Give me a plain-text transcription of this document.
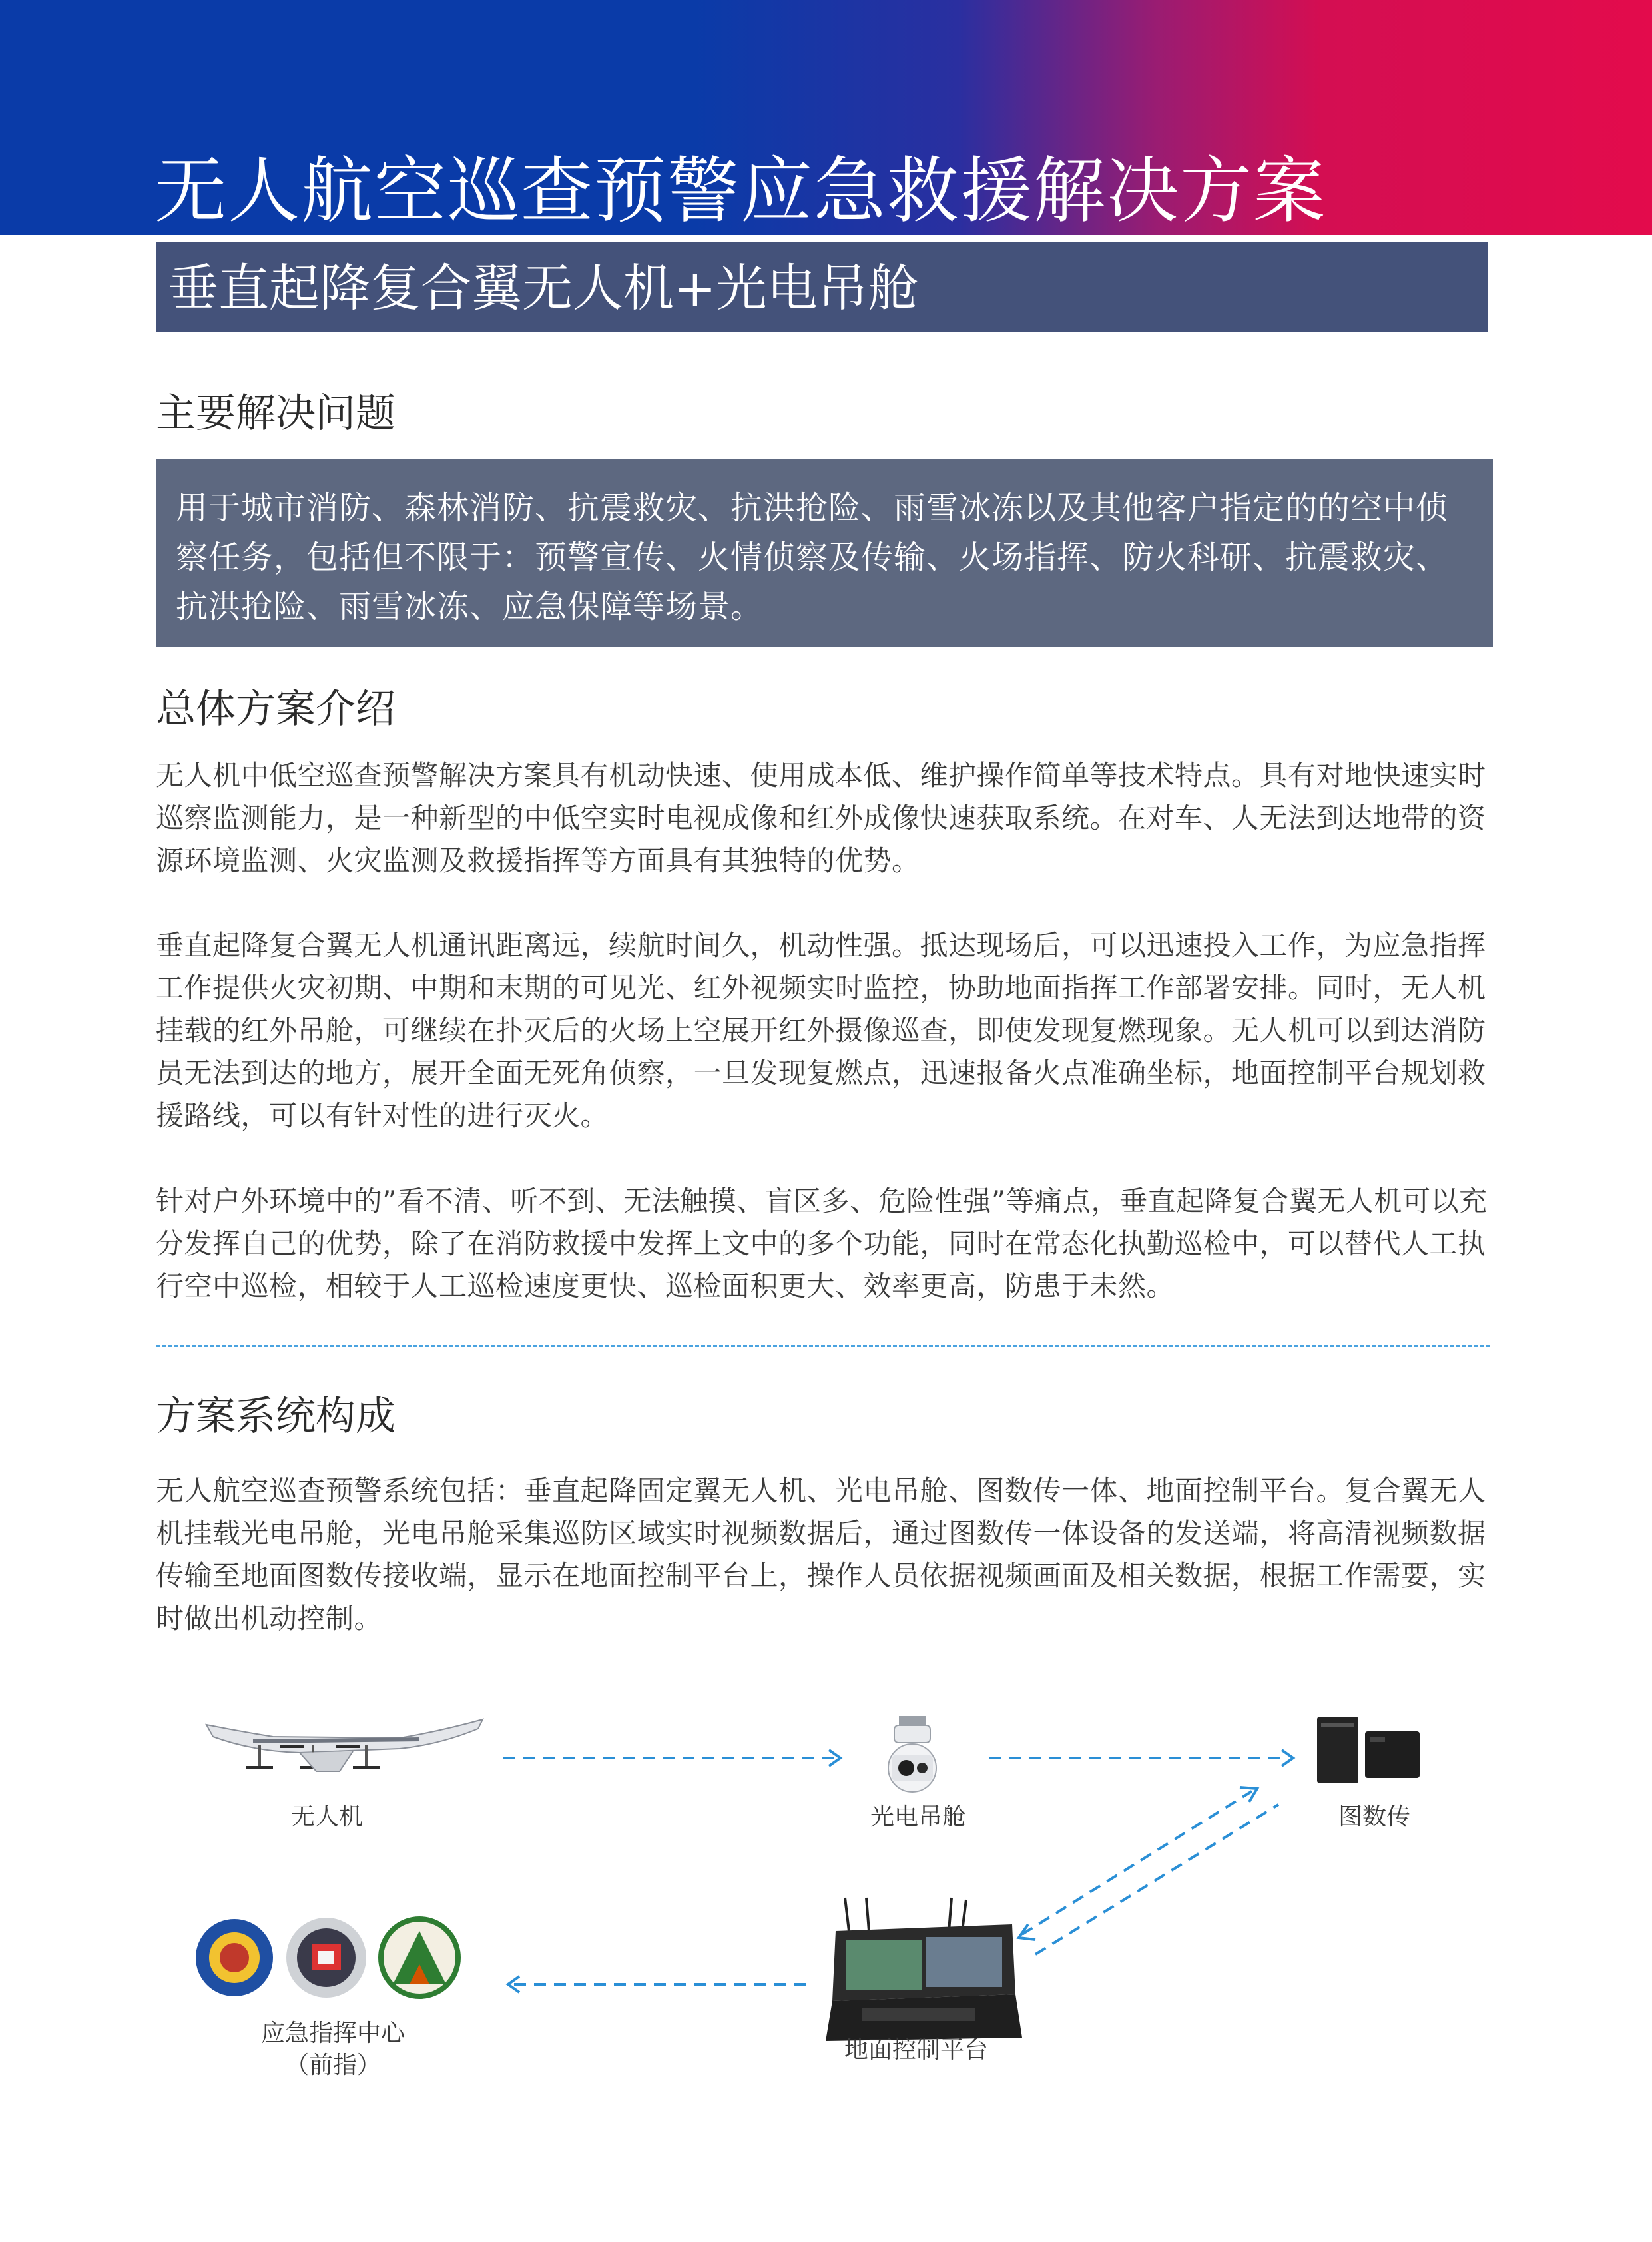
无人航空巡查预警应急救援解决方案
垂直起降复合翼无人机+光电吊舱
主要解决问题

用于城市消防、森林消防、抗震救灾、抗洪抢险、雨雪冰冻以及其他客户指定的的空中侦察任务，包括但不限于：预警宣传、火情侦察及传输、火场指挥、防火科研、抗震救灾、抗洪抢险、雨雪冰冻、应急保障等场景。

总体方案介绍

无人机中低空巡查预警解决方案具有机动快速、使用成本低、维护操作简单等技术特点。具有对地快速实时巡察监测能力，是一种新型的中低空实时电视成像和红外成像快速获取系统。在对车、人无法到达地带的资源环境监测、火灾监测及救援指挥等方面具有其独特的优势。

垂直起降复合翼无人机通讯距离远，续航时间久，机动性强。抵达现场后，可以迅速投入工作，为应急指挥工作提供火灾初期、中期和末期的可见光、红外视频实时监控，协助地面指挥工作部署安排。同时，无人机挂载的红外吊舱，可继续在扑灭后的火场上空展开红外摄像巡查，即使发现复燃现象。无人机可以到达消防员无法到达的地方，展开全面无死角侦察，一旦发现复燃点，迅速报备火点准确坐标，地面控制平台规划救援路线，可以有针对性的进行灭火。

针对户外环境中的”看不清、听不到、无法触摸、盲区多、危险性强”等痛点，垂直起降复合翼无人机可以充分发挥自己的优势，除了在消防救援中发挥上文中的多个功能，同时在常态化执勤巡检中，可以替代人工执行空中巡检，相较于人工巡检速度更快、巡检面积更大、效率更高，防患于未然。

方案系统构成

无人航空巡查预警系统包括：垂直起降固定翼无人机、光电吊舱、图数传一体、地面控制平台。复合翼无人机挂载光电吊舱，光电吊舱采集巡防区域实时视频数据后，通过图数传一体设备的发送端，将高清视频数据传输至地面图数传接收端，显示在地面控制平台上，操作人员依据视频画面及相关数据，根据工作需要，实时做出机动控制。

无人机	光电吊舱	图数传

地面控制平台

应急指挥中心

（前指）
